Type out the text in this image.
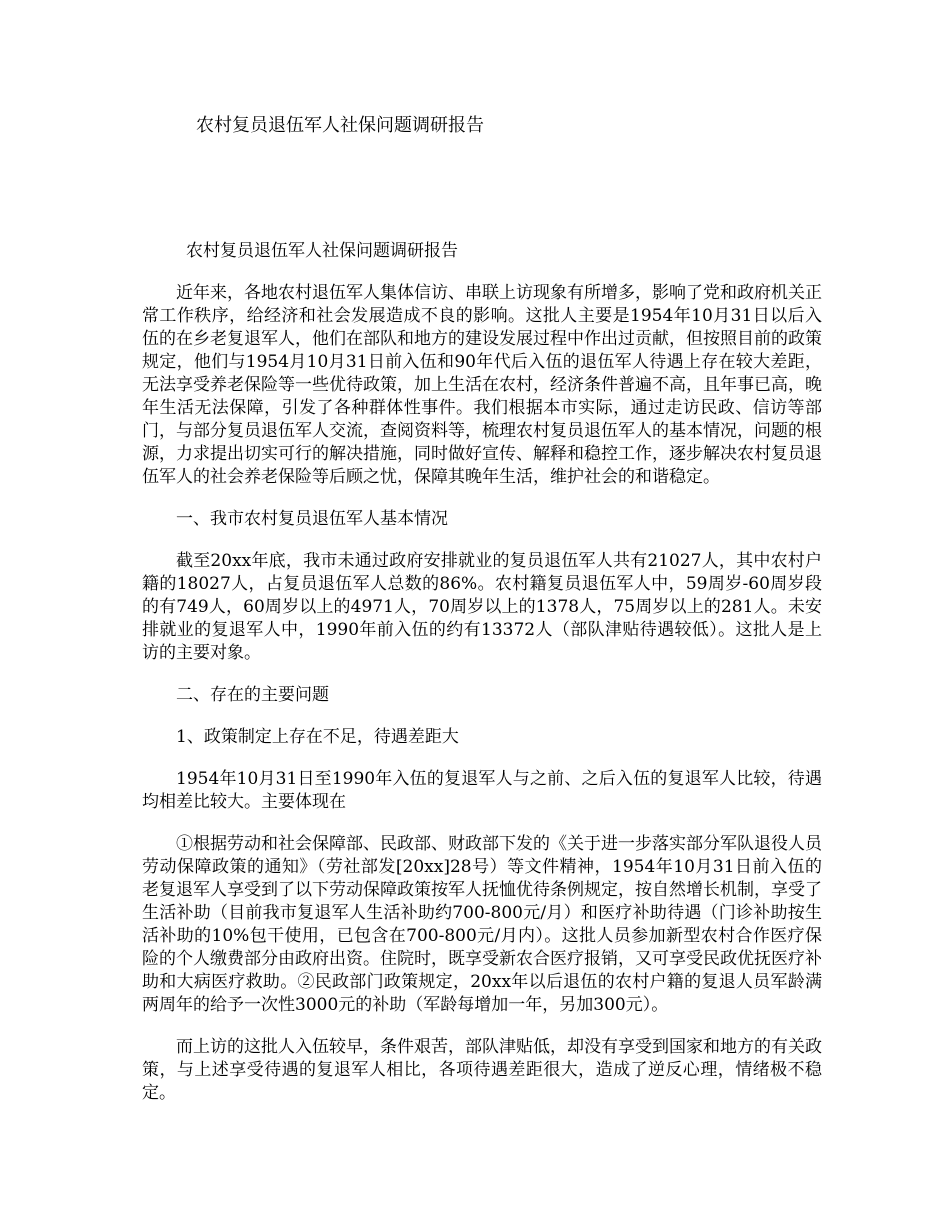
农村复员退伍军人社保问题调研报告

农村复员退伍军人社保问题调研报告

近年来，各地农村退伍军人集体信访、串联上访现象有所增多，影响了党和政府机关正常工作秩序，给经济和社会发展造成不良的影响。这批人主要是1954年10月31日以后入伍的在乡老复退军人，他们在部队和地方的建设发展过程中作出过贡献，但按照目前的政策规定，他们与1954月10月31日前入伍和90年代后入伍的退伍军人待遇上存在较大差距，无法享受养老保险等一些优待政策，加上生活在农村，经济条件普遍不高，且年事已高，晚年生活无法保障，引发了各种群体性事件。我们根据本市实际，通过走访民政、信访等部门，与部分复员退伍军人交流，查阅资料等，梳理农村复员退伍军人的基本情况，问题的根源，力求提出切实可行的解决措施，同时做好宣传、解释和稳控工作，逐步解决农村复员退伍军人的社会养老保险等后顾之忧，保障其晚年生活，维护社会的和谐稳定。

一、我市农村复员退伍军人基本情况

截至20xx年底，我市未通过政府安排就业的复员退伍军人共有21027人，其中农村户籍的18027人，占复员退伍军人总数的86%。农村籍复员退伍军人中，59周岁-60周岁段的有749人，60周岁以上的4971人，70周岁以上的1378人，75周岁以上的281人。未安排就业的复退军人中，1990年前入伍的约有13372人（部队津贴待遇较低）。这批人是上访的主要对象。

二、存在的主要问题

1、政策制定上存在不足，待遇差距大

1954年10月31日至1990年入伍的复退军人与之前、之后入伍的复退军人比较，待遇均相差比较大。主要体现在

①根据劳动和社会保障部、民政部、财政部下发的《关于进一步落实部分军队退役人员劳动保障政策的通知》（劳社部发[20xx]28号）等文件精神，1954年10月31日前入伍的老复退军人享受到了以下劳动保障政策按军人抚恤优待条例规定，按自然增长机制，享受了生活补助（目前我市复退军人生活补助约700-800元/月）和医疗补助待遇（门诊补助按生活补助的10%包干使用，已包含在700-800元/月内）。这批人员参加新型农村合作医疗保险的个人缴费部分由政府出资。住院时，既享受新农合医疗报销，又可享受民政优抚医疗补助和大病医疗救助。②民政部门政策规定，20xx年以后退伍的农村户籍的复退人员军龄满两周年的给予一次性3000元的补助（军龄每增加一年，另加300元）。

而上访的这批人入伍较早，条件艰苦，部队津贴低，却没有享受到国家和地方的有关政策，与上述享受待遇的复退军人相比，各项待遇差距很大，造成了逆反心理，情绪极不稳定。
